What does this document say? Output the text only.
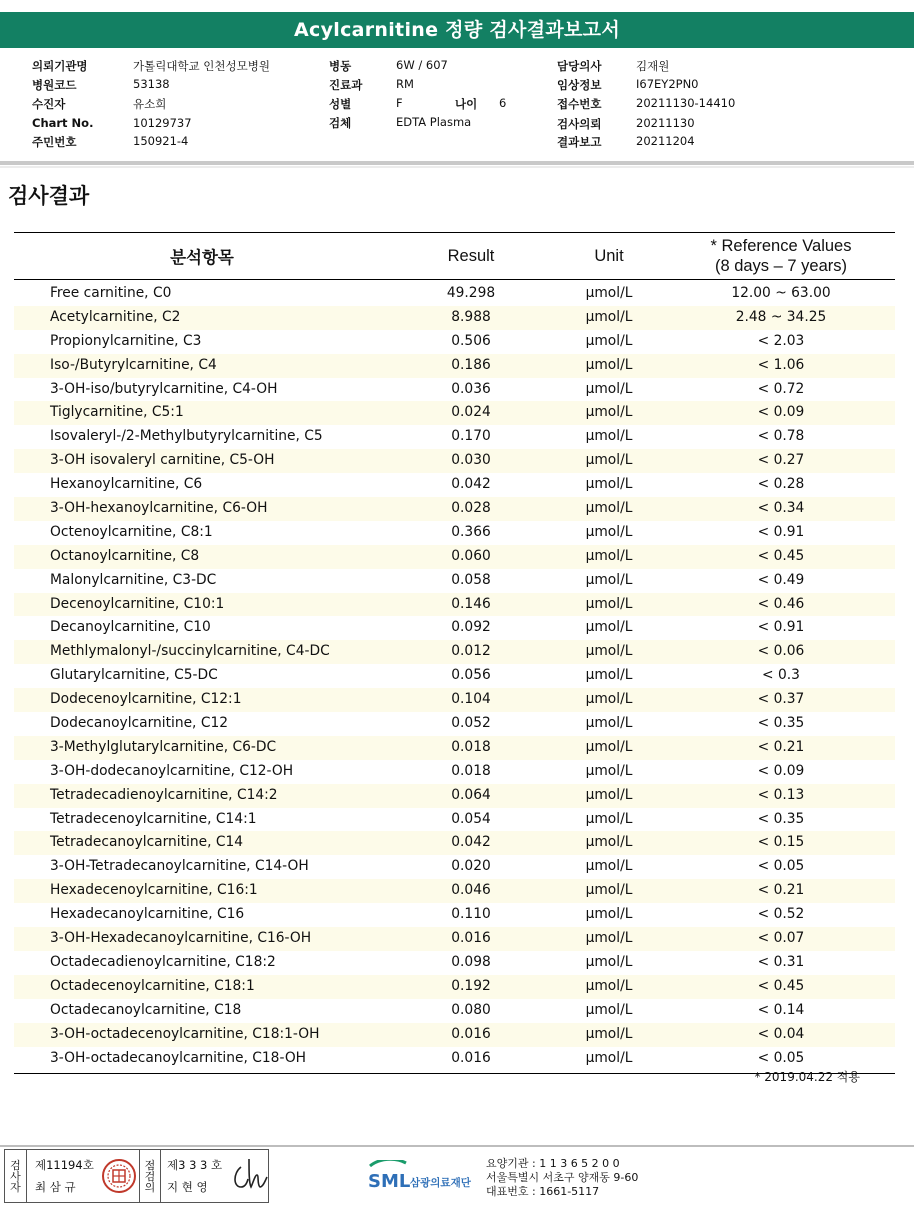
Acylcarnitine 정량 검사결과보고서
의뢰기관명	가톨릭대학교 인천성모병원
병원코드	53138
수진자	유소희
Chart No.	10129737
주민번호	150921-4
병동	6W / 607
진료과	RM
성별	F	나이 6
검체	EDTA Plasma
담당의사	김재원
임상정보	I67EY2PN0
접수번호	20211130-14410
검사의뢰	20211130
결과보고	20211204
검사결과
분석항목	Result	Unit
* Reference Values
(8 days – 7 years)
Free carnitine, C0	49.298	μmol/L	12.00 ~ 63.00
Acetylcarnitine, C2	8.988	μmol/L	2.48 ~ 34.25
Propionylcarnitine, C3	0.506	μmol/L	< 2.03
Iso-/Butyrylcarnitine, C4	0.186	μmol/L	< 1.06
3-OH-iso/butyrylcarnitine, C4-OH	0.036	μmol/L	< 0.72
Tiglycarnitine, C5:1	0.024	μmol/L	< 0.09
Isovaleryl-/2-Methylbutyrylcarnitine, C5	0.170	μmol/L	< 0.78
3-OH isovaleryl carnitine, C5-OH	0.030	μmol/L	< 0.27
Hexanoylcarnitine, C6	0.042	μmol/L	< 0.28
3-OH-hexanoylcarnitine, C6-OH	0.028	μmol/L	< 0.34
Octenoylcarnitine, C8:1	0.366	μmol/L	< 0.91
Octanoylcarnitine, C8	0.060	μmol/L	< 0.45
Malonylcarnitine, C3-DC	0.058	μmol/L	< 0.49
Decenoylcarnitine, C10:1	0.146	μmol/L	< 0.46
Decanoylcarnitine, C10	0.092	μmol/L	< 0.91
Methlymalonyl-/succinylcarnitine, C4-DC	0.012	μmol/L	< 0.06
Glutarylcarnitine, C5-DC	0.056	μmol/L	< 0.3
Dodecenoylcarnitine, C12:1	0.104	μmol/L	< 0.37
Dodecanoylcarnitine, C12	0.052	μmol/L	< 0.35
3-Methylglutarylcarnitine, C6-DC	0.018	μmol/L	< 0.21
3-OH-dodecanoylcarnitine, C12-OH	0.018	μmol/L	< 0.09
Tetradecadienoylcarnitine, C14:2	0.064	μmol/L	< 0.13
Tetradecenoylcarnitine, C14:1	0.054	μmol/L	< 0.35
Tetradecanoylcarnitine, C14	0.042	μmol/L	< 0.15
3-OH-Tetradecanoylcarnitine, C14-OH	0.020	μmol/L	< 0.05
Hexadecenoylcarnitine, C16:1	0.046	μmol/L	< 0.21
Hexadecanoylcarnitine, C16	0.110	μmol/L	< 0.52
3-OH-Hexadecanoylcarnitine, C16-OH	0.016	μmol/L	< 0.07
Octadecadienoylcarnitine, C18:2	0.098	μmol/L	< 0.31
Octadecenoylcarnitine, C18:1	0.192	μmol/L	< 0.45
Octadecanoylcarnitine, C18	0.080	μmol/L	< 0.14
3-OH-octadecenoylcarnitine, C18:1-OH	0.016	μmol/L	< 0.04
3-OH-octadecanoylcarnitine, C18-OH	0.016	μmol/L	< 0.05
* 2019.04.22 적용
검
사
자
제11194호
최 삼 규
점
검
의
제3 3 3 호
지 현 영	SML 삼광의료재단
요양기관 : 1 1 3 6 5 2 0 0
서울특별시 서초구 양재동 9-60
대표번호 : 1661-5117
